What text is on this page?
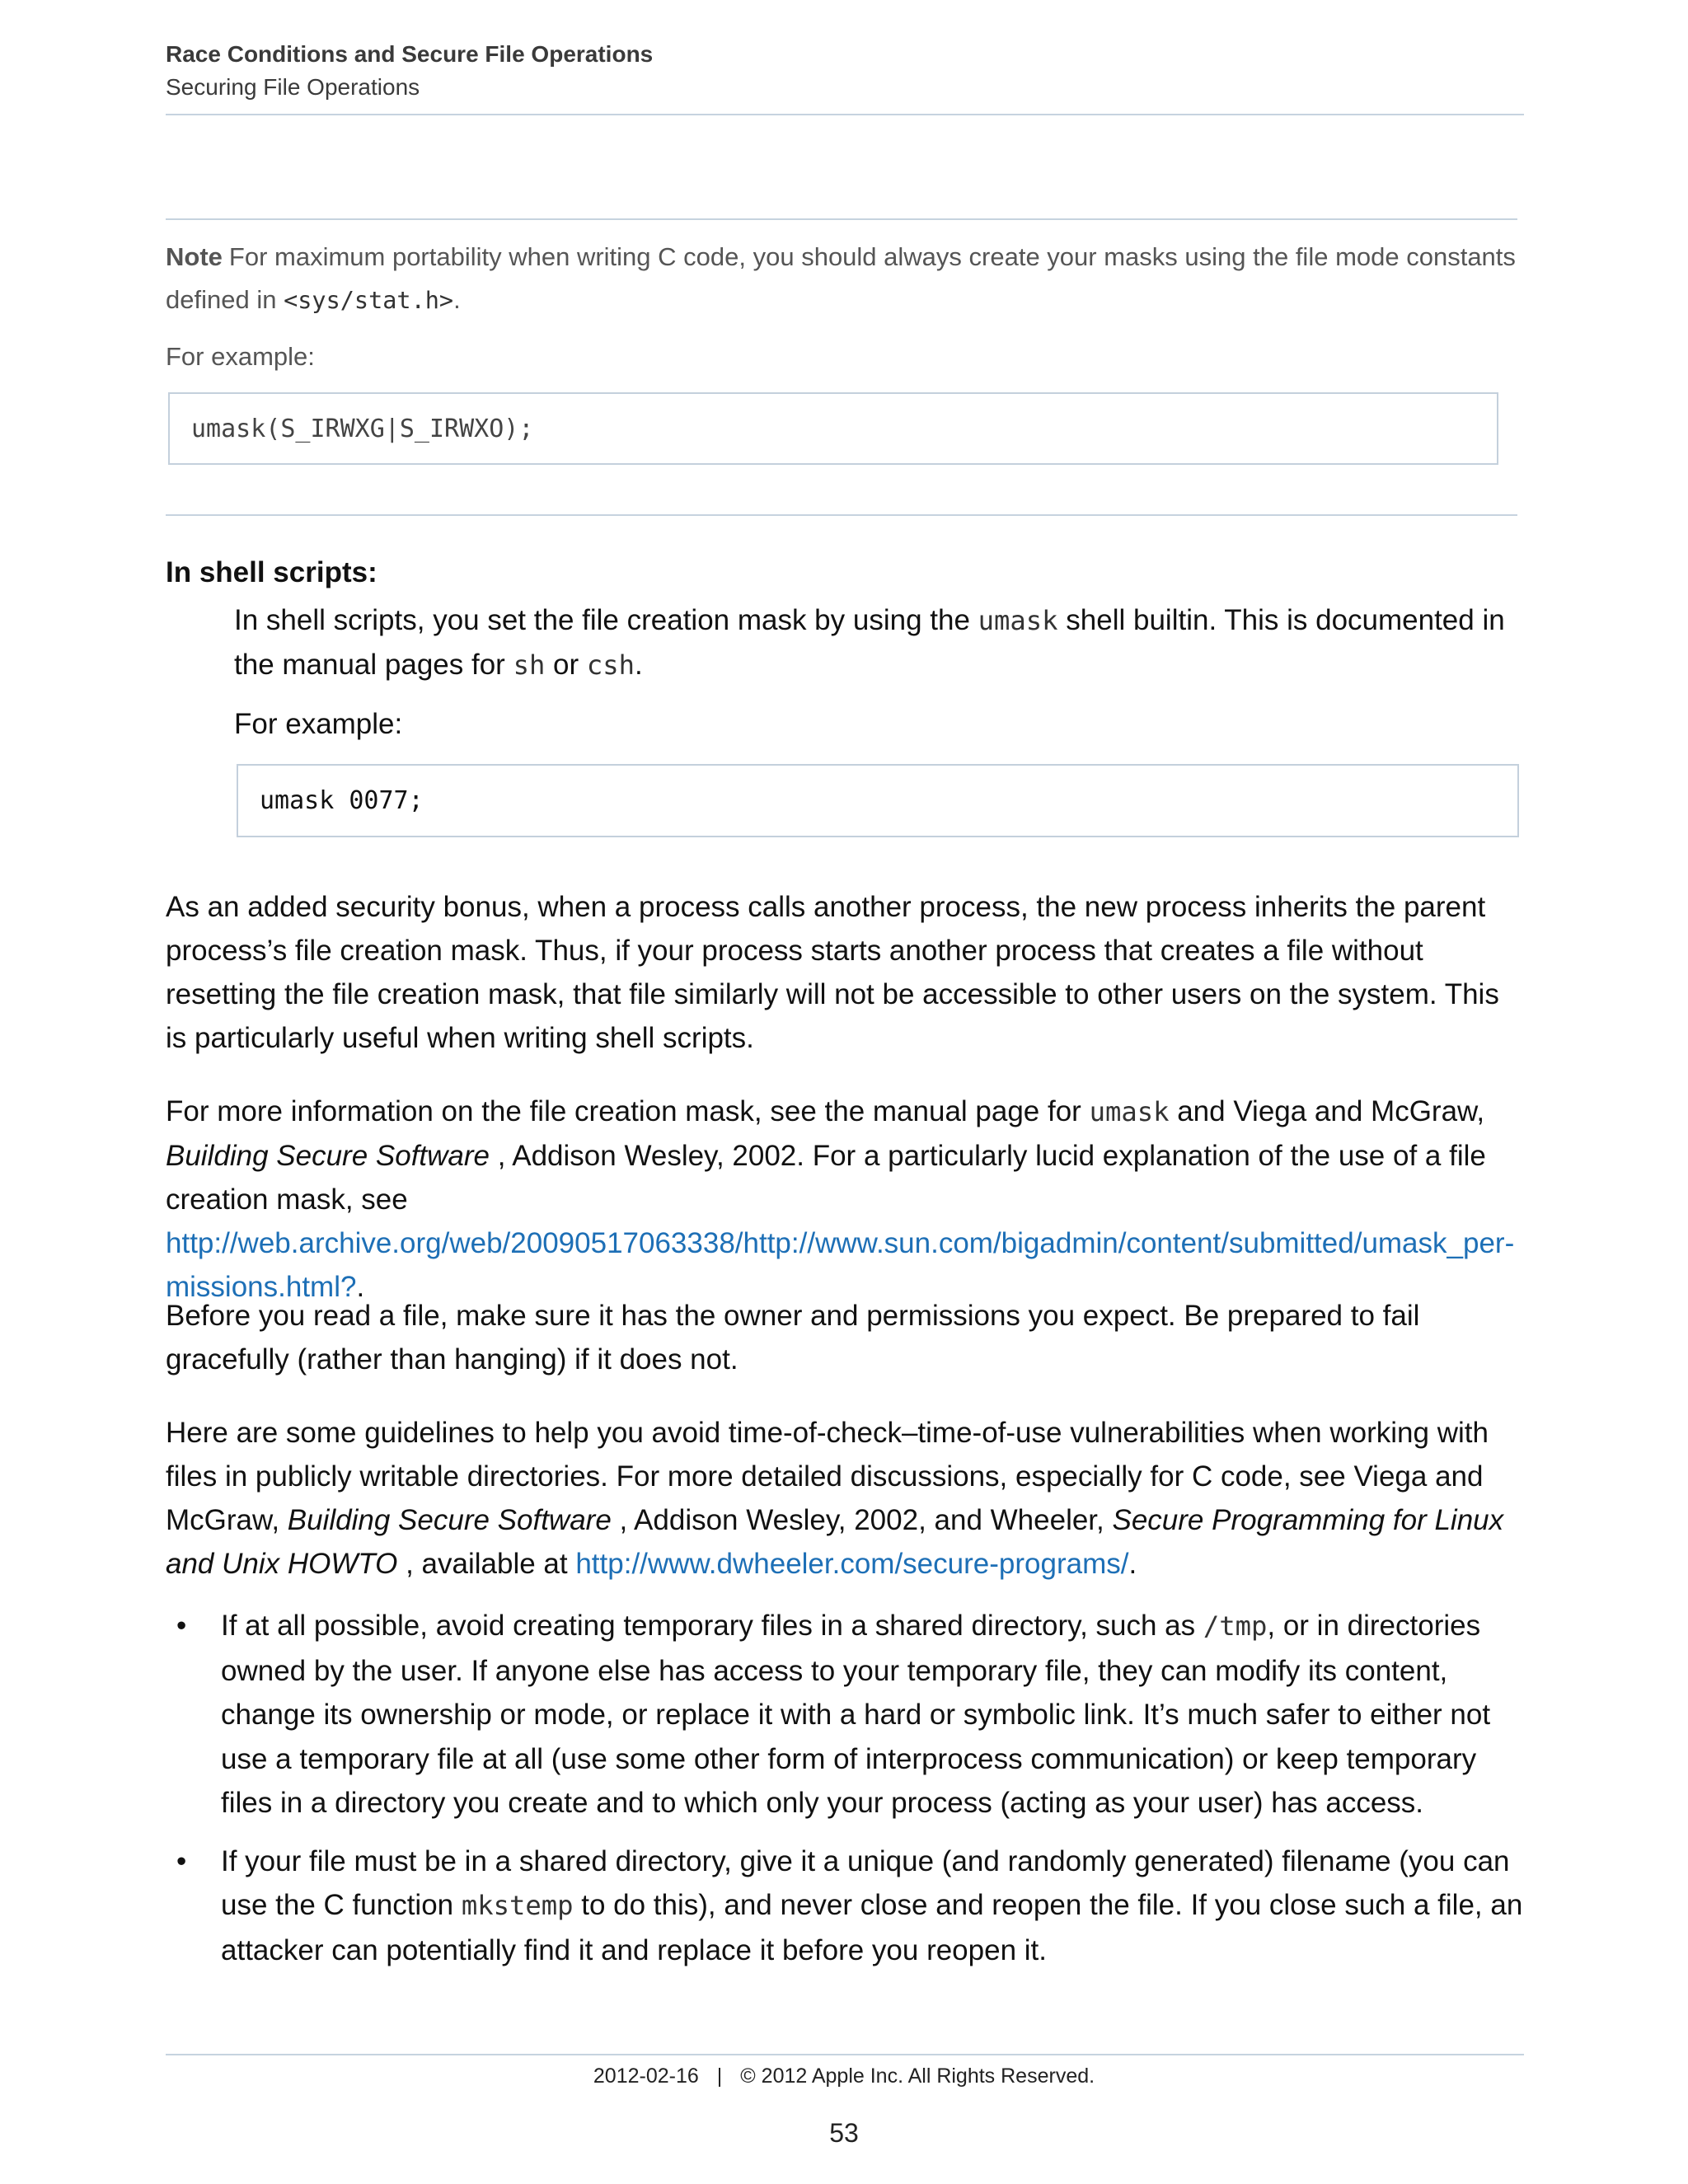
Race Conditions and Secure File Operations
Securing File Operations

Note For maximum portability when writing C code, you should always create your masks using the file mode constants defined in <sys/stat.h>.

For example:

umask(S_IRWXG|S_IRWXO);
In shell scripts:

In shell scripts, you set the file creation mask by using the umask shell builtin. This is documented in the manual pages for sh or csh.

For example:

umask 0077;

As an added security bonus, when a process calls another process, the new process inherits the parent process’s file creation mask. Thus, if your process starts another process that creates a file without resetting the file creation mask, that file similarly will not be accessible to other users on the system. This is particularly useful when writing shell scripts.

For more information on the file creation mask, see the manual page for umask and Viega and McGraw, Building Secure Software , Addison Wesley, 2002. For a particularly lucid explanation of the use of a file creation mask, see http://web.archive.org/web/20090517063338/http://www.sun.com/bigadmin/content/submitted/umask_per- missions.html?.

Before you read a file, make sure it has the owner and permissions you expect. Be prepared to fail gracefully (rather than hanging) if it does not.

Here are some guidelines to help you avoid time-of-check–time-of-use vulnerabilities when working with files in publicly writable directories. For more detailed discussions, especially for C code, see Viega and McGraw, Building Secure Software , Addison Wesley, 2002, and Wheeler, Secure Programming for Linux and Unix HOWTO , available at http://www.dwheeler.com/secure-programs/.

• If at all possible, avoid creating temporary files in a shared directory, such as /tmp, or in directories owned by the user. If anyone else has access to your temporary file, they can modify its content, change its ownership or mode, or replace it with a hard or symbolic link. It’s much safer to either not use a temporary file at all (use some other form of interprocess communication) or keep temporary files in a directory you create and to which only your process (acting as your user) has access.
• If your file must be in a shared directory, give it a unique (and randomly generated) filename (you can use the C function mkstemp to do this), and never close and reopen the file. If you close such a file, an attacker can potentially find it and replace it before you reopen it.
2012-02-16 | © 2012 Apple Inc. All Rights Reserved.
53
